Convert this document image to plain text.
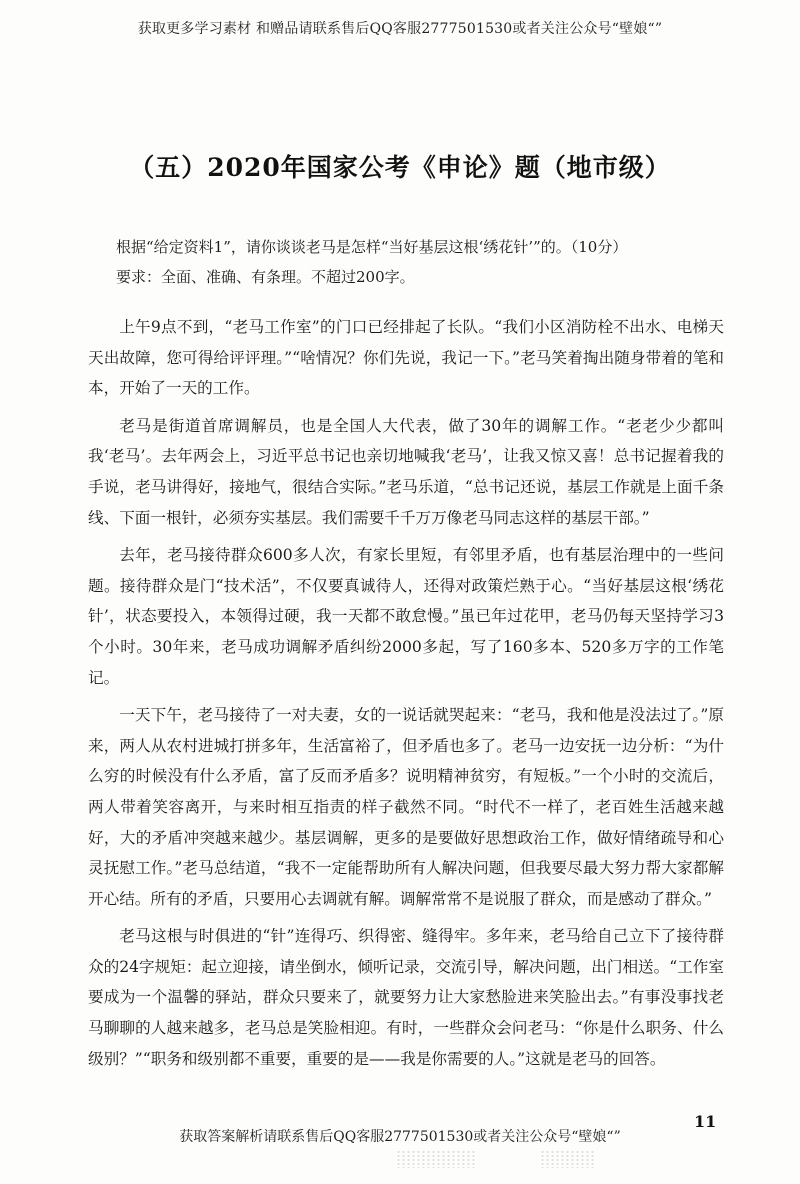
获取更多学习素材 和赠品请联系售后QQ客服2777501530或者关注公众号“壁娘“”
（五）2020年国家公考《申论》题（地市级）

根据“给定资料1”，请你谈谈老马是怎样“当好基层这根‘绣花针’”的。（10分）

要求：全面、准确、有条理。不超过200字。

上午9点不到，“老马工作室”的门口已经排起了长队。“我们小区消防栓不出水、电梯天天出故障，您可得给评评理。”“啥情况？你们先说，我记一下。”老马笑着掏出随身带着的笔和本，开始了一天的工作。

老马是街道首席调解员，也是全国人大代表，做了30年的调解工作。“老老少少都叫我‘老马’。去年两会上，习近平总书记也亲切地喊我‘老马’，让我又惊又喜！总书记握着我的手说，老马讲得好，接地气，很结合实际。”老马乐道，“总书记还说，基层工作就是上面千条线、下面一根针，必须夯实基层。我们需要千千万万像老马同志这样的基层干部。”

去年，老马接待群众600多人次，有家长里短，有邻里矛盾，也有基层治理中的一些问题。接待群众是门“技术活”，不仅要真诚待人，还得对政策烂熟于心。“当好基层这根‘绣花针’，状态要投入，本领得过硬，我一天都不敢怠慢。”虽已年过花甲，老马仍每天坚持学习3个小时。30年来，老马成功调解矛盾纠纷2000多起，写了160多本、520多万字的工作笔记。

一天下午，老马接待了一对夫妻，女的一说话就哭起来：“老马，我和他是没法过了。”原来，两人从农村进城打拼多年，生活富裕了，但矛盾也多了。老马一边安抚一边分析：“为什么穷的时候没有什么矛盾，富了反而矛盾多？说明精神贫穷，有短板。”一个小时的交流后，两人带着笑容离开，与来时相互指责的样子截然不同。“时代不一样了，老百姓生活越来越好，大的矛盾冲突越来越少。基层调解，更多的是要做好思想政治工作，做好情绪疏导和心灵抚慰工作。”老马总结道，“我不一定能帮助所有人解决问题，但我要尽最大努力帮大家都解开心结。所有的矛盾，只要用心去调就有解。调解常常不是说服了群众，而是感动了群众。”

老马这根与时俱进的“针”连得巧、织得密、缝得牢。多年来，老马给自己立下了接待群众的24字规矩：起立迎接，请坐倒水，倾听记录，交流引导，解决问题，出门相送。“工作室要成为一个温馨的驿站，群众只要来了，就要努力让大家愁脸进来笑脸出去。”有事没事找老马聊聊的人越来越多，老马总是笑脸相迎。有时，一些群众会问老马：“你是什么职务、什么级别？”“职务和级别都不重要，重要的是——我是你需要的人。”这就是老马的回答。

11
获取答案解析请联系售后QQ客服2777501530或者关注公众号“壁娘“”
